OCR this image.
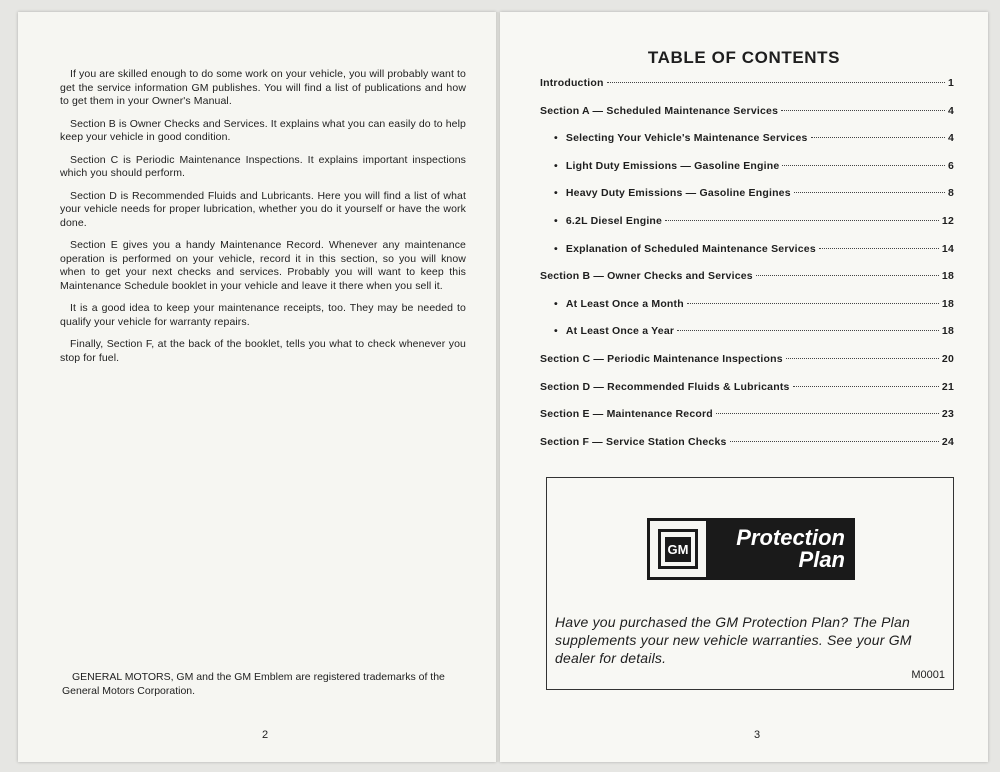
If you are skilled enough to do some work on your vehicle, you will probably want to get the service information GM publishes. You will find a list of publications and how to get them in your Owner's Manual.

Section B is Owner Checks and Services. It explains what you can easily do to help keep your vehicle in good condition.

Section C is Periodic Maintenance Inspections. It explains important inspections which you should perform.

Section D is Recommended Fluids and Lubricants. Here you will find a list of what your vehicle needs for proper lubrication, whether you do it yourself or have the work done.

Section E gives you a handy Maintenance Record. Whenever any maintenance operation is performed on your vehicle, record it in this section, so you will know when to get your next checks and services. Probably you will want to keep this Maintenance Schedule booklet in your vehicle and leave it there when you sell it.

It is a good idea to keep your maintenance receipts, too. They may be needed to qualify your vehicle for warranty repairs.

Finally, Section F, at the back of the booklet, tells you what to check whenever you stop for fuel.

GENERAL MOTORS, GM and the GM Emblem are registered trademarks of the General Motors Corporation.
2
TABLE OF CONTENTS
Introduction	1
Section A — Scheduled Maintenance Services	4
• Selecting Your Vehicle's Maintenance Services	4
• Light Duty Emissions — Gasoline Engine	6
• Heavy Duty Emissions — Gasoline Engines	8
• 6.2L Diesel Engine	12
• Explanation of Scheduled Maintenance Services	14
Section B — Owner Checks and Services	18
• At Least Once a Month	18
• At Least Once a Year	18
Section C — Periodic Maintenance Inspections	20
Section D — Recommended Fluids & Lubricants	21
Section E — Maintenance Record	23
Section F — Service Station Checks	24
GM	Protection
Plan
Have you purchased the GM Protection Plan? The Plan supplements your new vehicle warranties. See your GM dealer for details.
M0001
3
